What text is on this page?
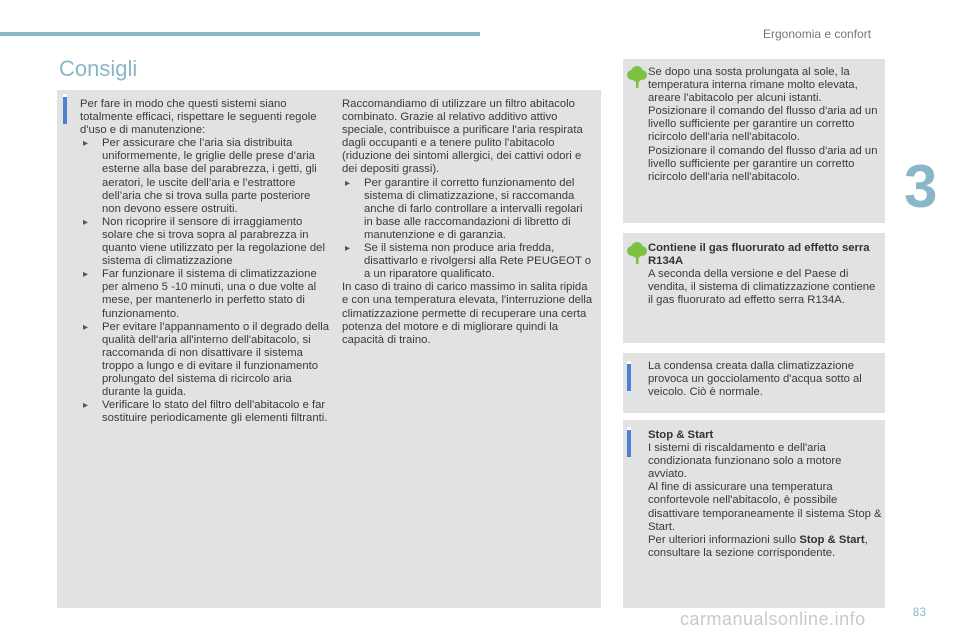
Ergonomia e confort
3
Consigli

Per fare in modo che questi sistemi siano totalmente efficaci, rispettare le seguenti regole d'uso e di manutenzione:

▸ Per assicurare che l’aria sia distribuita uniformemente, le griglie delle prese d’aria esterne alla base del parabrezza, i getti, gli aeratori, le uscite dell’aria e l’estrattore dell’aria che si trova sulla parte posteriore non devono essere ostruiti.
▸ Non ricoprire il sensore di irraggiamento solare che si trova sopra al parabrezza in quanto viene utilizzato per la regolazione del sistema di climatizzazione
▸ Far funzionare il sistema di climatizzazione per almeno 5 -10 minuti, una o due volte al mese, per mantenerlo in perfetto stato di funzionamento.
▸ Per evitare l'appannamento o il degrado della qualità dell'aria all'interno dell'abitacolo, si raccomanda di non disattivare il sistema troppo a lungo e di evitare il funzionamento prolungato del sistema di ricircolo aria durante la guida.
▸ Verificare lo stato del filtro dell'abitacolo e far sostituire periodicamente gli elementi filtranti.

Raccomandiamo di utilizzare un filtro abitacolo combinato. Grazie al relativo additivo attivo speciale, contribuisce a purificare l'aria respirata dagli occupanti e a tenere pulito l'abitacolo (riduzione dei sintomi allergici, dei cattivi odori e dei depositi grassi).

▸ Per garantire il corretto funzionamento del sistema di climatizzazione, si raccomanda anche di farlo controllare a intervalli regolari in base alle raccomandazioni di libretto di manutenzione e di garanzia.
▸ Se il sistema non produce aria fredda, disattivarlo e rivolgersi alla Rete PEUGEOT o a un riparatore qualificato.

In caso di traino di carico massimo in salita ripida e con una temperatura elevata, l'interruzione della climatizzazione permette di recuperare una certa potenza del motore e di migliorare quindi la capacità di traino.

Se dopo una sosta prolungata al sole, la temperatura interna rimane molto elevata, areare l'abitacolo per alcuni istanti.

Posizionare il comando del flusso d'aria ad un livello sufficiente per garantire un corretto ricircolo dell'aria nell'abitacolo.

Posizionare il comando del flusso d'aria ad un livello sufficiente per garantire un corretto ricircolo dell'aria nell'abitacolo.

Contiene il gas fluorurato ad effetto serra R134A

A seconda della versione e del Paese di vendita, il sistema di climatizzazione contiene il gas fluorurato ad effetto serra R134A.

La condensa creata dalla climatizzazione provoca un gocciolamento d'acqua sotto al veicolo. Ciò è normale.

Stop & Start

I sistemi di riscaldamento e dell'aria condizionata funzionano solo a motore avviato.

Al fine di assicurare una temperatura confortevole nell'abitacolo, è possibile disattivare temporaneamente il sistema Stop & Start.

Per ulteriori informazioni sullo Stop & Start, consultare la sezione corrispondente.

83
carmanualsonline.info
